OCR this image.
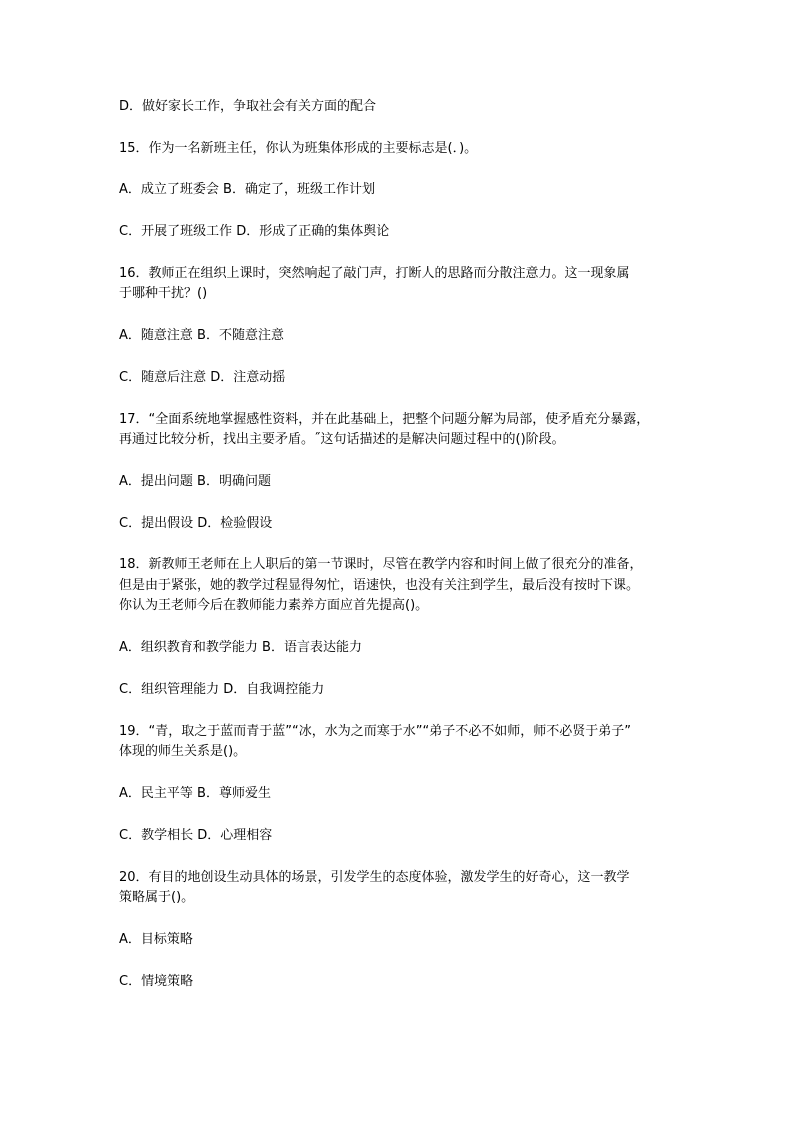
D．做好家长工作，争取社会有关方面的配合
15．作为一名新班主任，你认为班集体形成的主要标志是(．)。
A．成立了班委会 B．确定了，班级工作计划
C．开展了班级工作 D．形成了正确的集体舆论
16．教师正在组织上课时，突然响起了敲门声，打断人的思路而分散注意力。这一现象属
于哪种干扰？()
A．随意注意 B．不随意注意
C．随意后注意 D．注意动摇
17．“全面系统地掌握感性资料，并在此基础上，把整个问题分解为局部，使矛盾充分暴露，
再通过比较分析，找出主要矛盾。˝这句话描述的是解决问题过程中的()阶段。
A．提出问题 B．明确问题
C．提出假设 D．检验假设
18．新教师王老师在上人职后的第一节课时，尽管在教学内容和时间上做了很充分的准备，
但是由于紧张，她的教学过程显得匆忙，语速快，也没有关注到学生，最后没有按时下课。
你认为王老师今后在教师能力素养方面应首先提高()。
A．组织教育和教学能力 B．语言表达能力
C．组织管理能力 D．自我调控能力
19．“青，取之于蓝而青于蓝”“冰，水为之而寒于水”“弟子不必不如师，师不必贤于弟子”
体现的师生关系是()。
A．民主平等 B．尊师爱生
C．教学相长 D．心理相容
20．有目的地创设生动具体的场景，引发学生的态度体验，激发学生的好奇心，这一教学
策略属于()。
A．目标策略
C．情境策略
